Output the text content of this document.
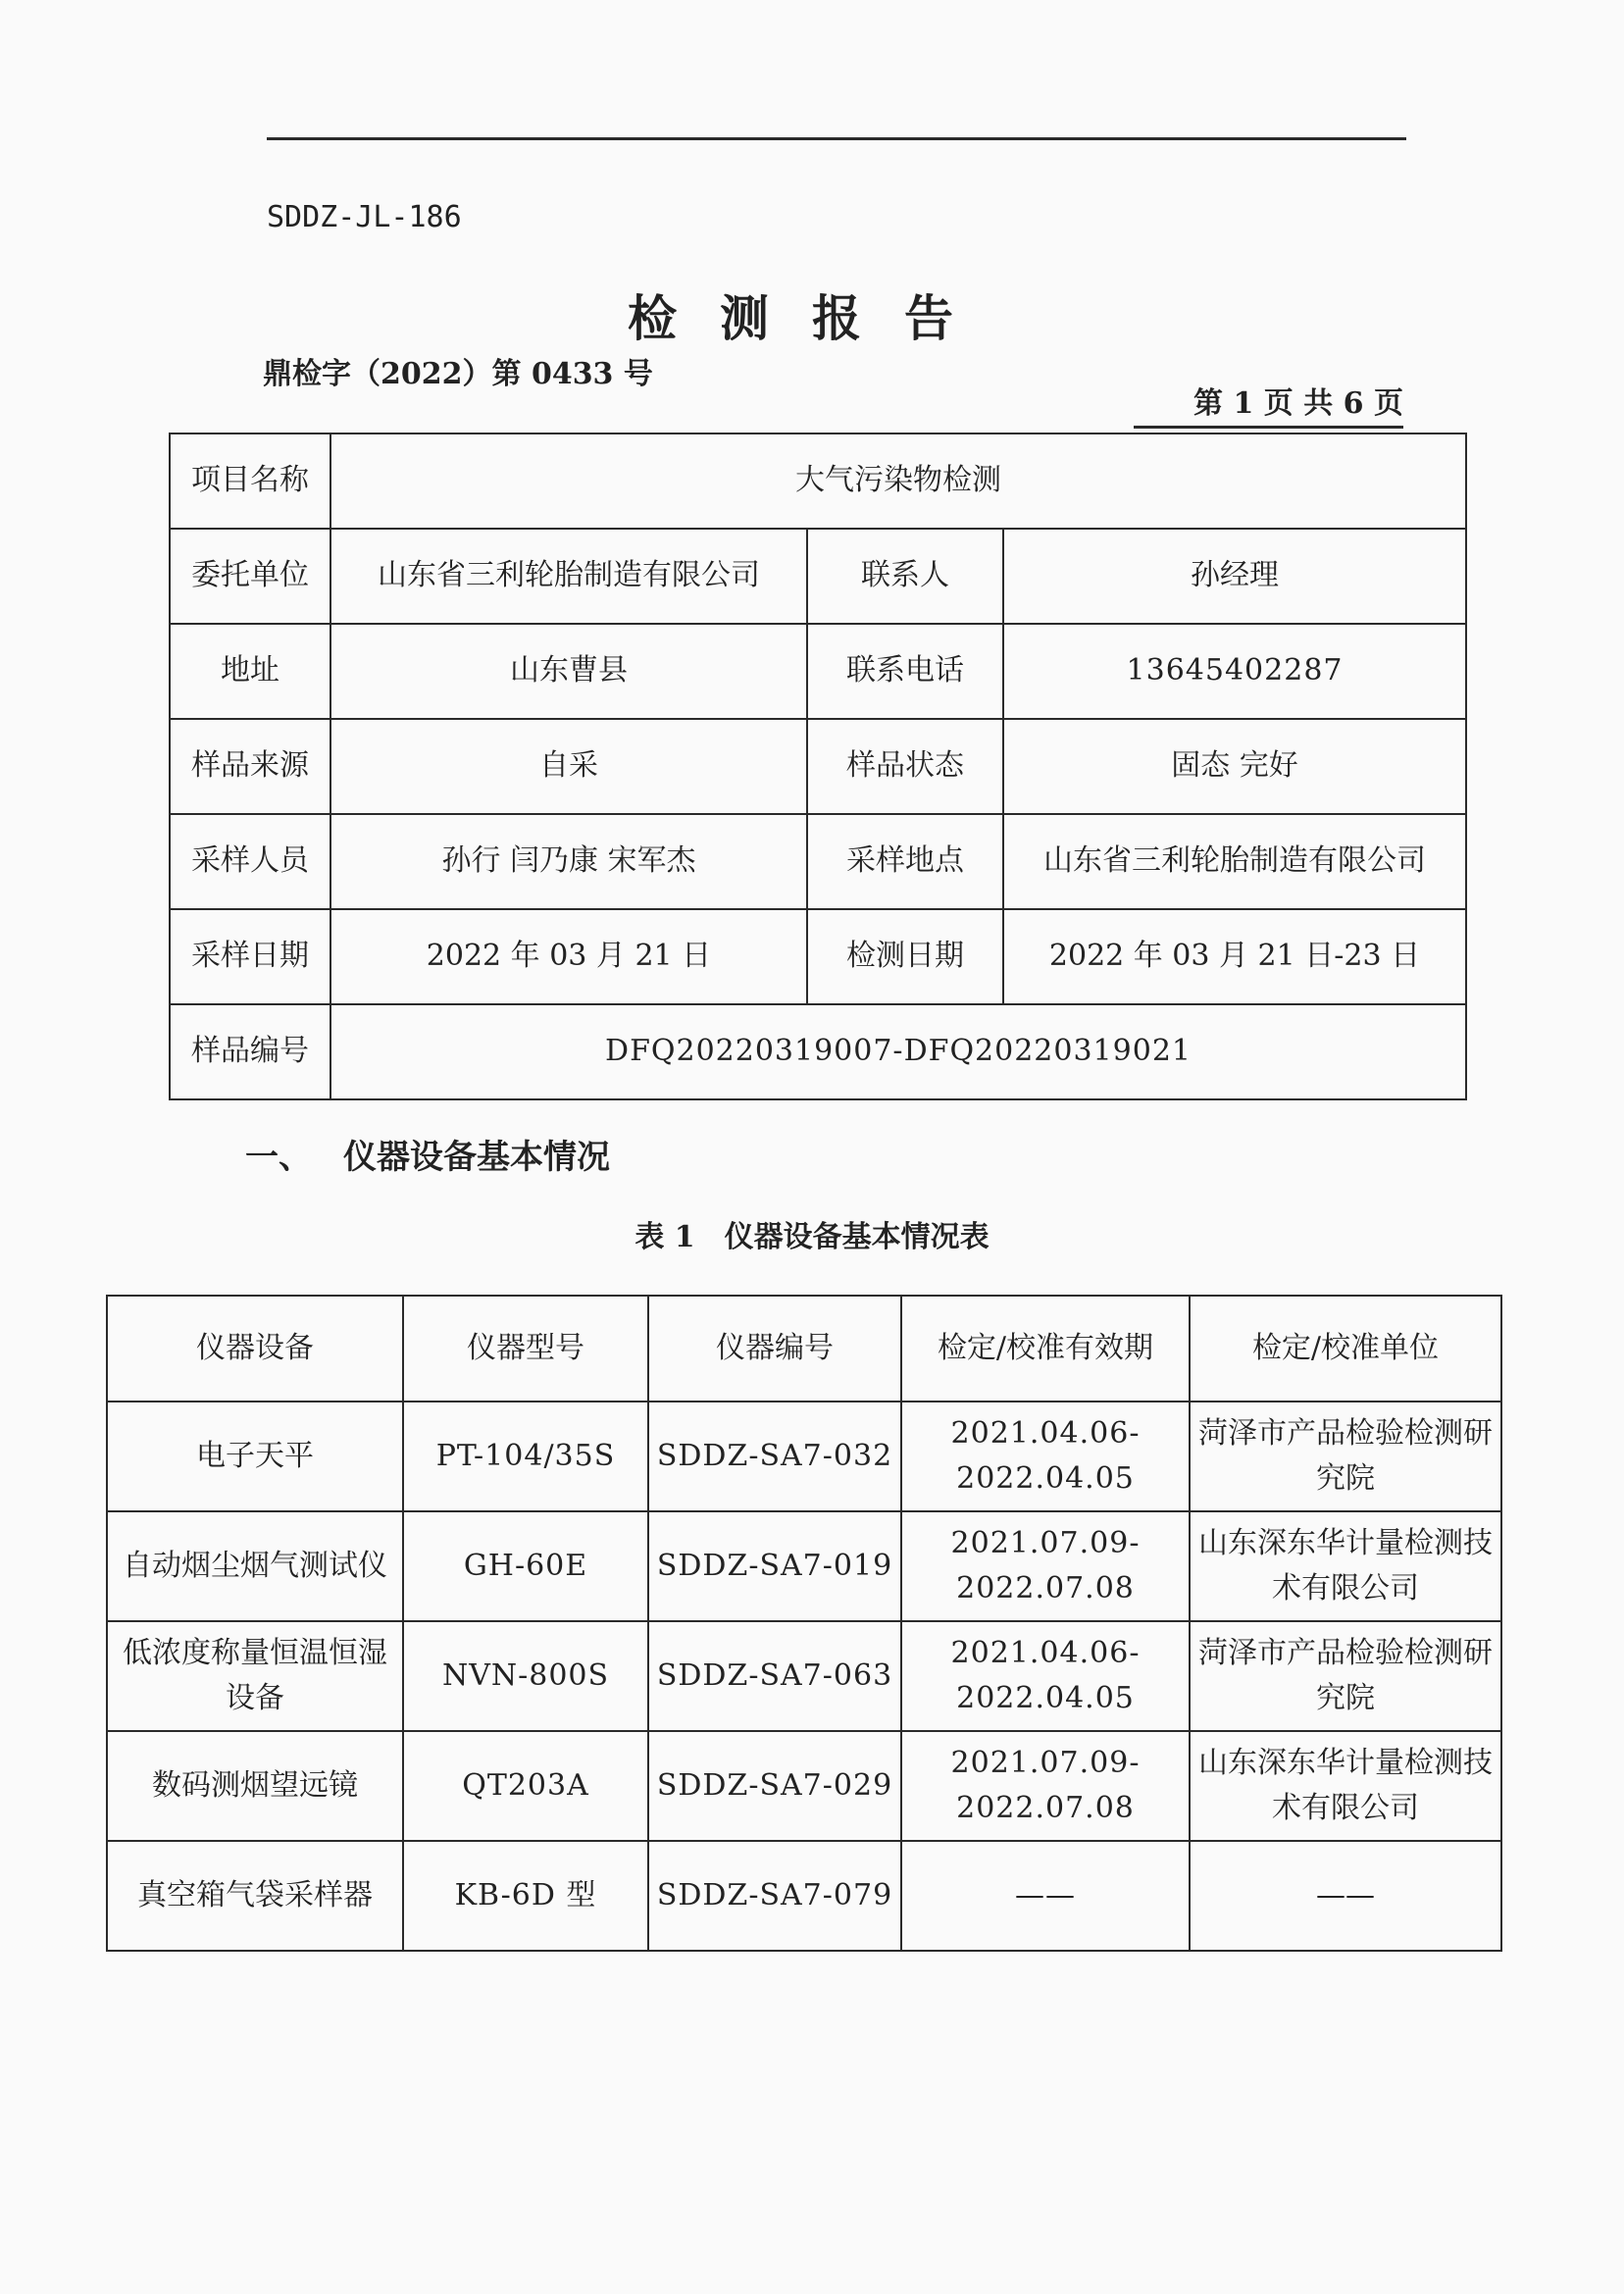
SDDZ-JL-186
检测报告
鼎检字（2022）第 0433 号
第 1 页 共 6 页
项目名称	大气污染物检测		
委托单位	山东省三利轮胎制造有限公司	联系人	孙经理
地址	山东曹县	联系电话	13645402287
样品来源	自采	样品状态	固态 完好
采样人员	孙行 闫乃康 宋军杰	采样地点	山东省三利轮胎制造有限公司
采样日期	2022 年 03 月 21 日	检测日期	2022 年 03 月 21 日-23 日
样品编号	DFQ20220319007-DFQ20220319021		
一、 仪器设备基本情况
表 1　仪器设备基本情况表
仪器设备	仪器型号	仪器编号	检定/校准有效期	检定/校准单位
电子天平	PT-104/35S	SDDZ-SA7-032	2021.04.06-2022.04.05	菏泽市产品检验检测研究院
自动烟尘烟气测试仪	GH-60E	SDDZ-SA7-019	2021.07.09-2022.07.08	山东深东华计量检测技术有限公司
低浓度称量恒温恒湿设备	NVN-800S	SDDZ-SA7-063	2021.04.06-2022.04.05	菏泽市产品检验检测研究院
数码测烟望远镜	QT203A	SDDZ-SA7-029	2021.07.09-2022.07.08	山东深东华计量检测技术有限公司
真空箱气袋采样器	KB-6D 型	SDDZ-SA7-079	——	——
